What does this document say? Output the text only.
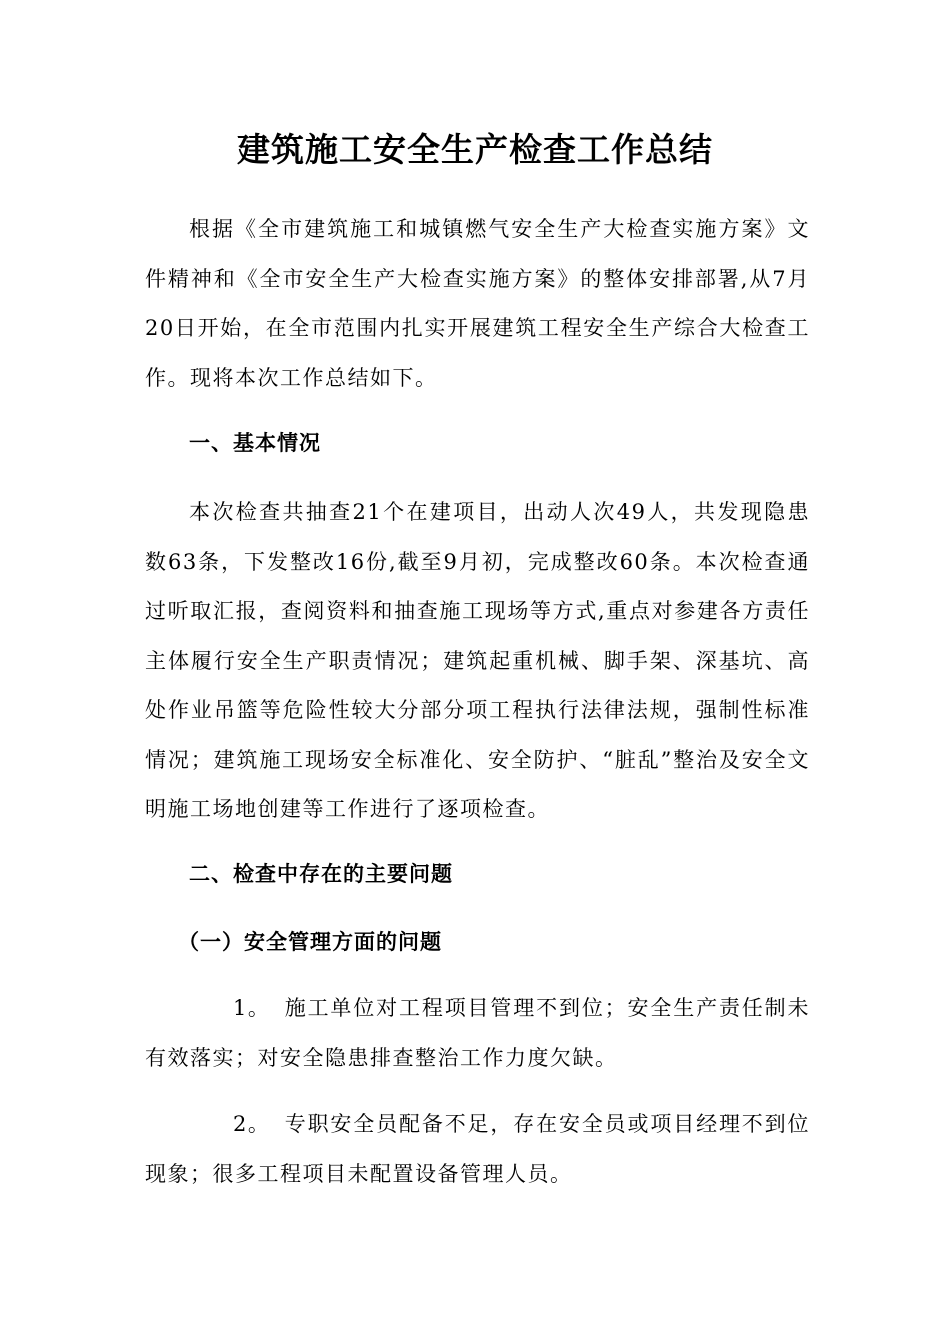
建筑施工安全生产检查工作总结

根据《全市建筑施工和城镇燃气安全生产大检查实施方案》文件精神和《全市安全生产大检查实施方案》的整体安排部署,从7月20日开始，在全市范围内扎实开展建筑工程安全生产综合大检查工作。现将本次工作总结如下。

一、基本情况

本次检查共抽查21个在建项目，出动人次49人，共发现隐患数63条，下发整改16份,截至9月初，完成整改60条。本次检查通过听取汇报，查阅资料和抽查施工现场等方式,重点对参建各方责任主体履行安全生产职责情况；建筑起重机械、脚手架、深基坑、高处作业吊篮等危险性较大分部分项工程执行法律法规，强制性标准情况；建筑施工现场安全标准化、安全防护、“脏乱”整治及安全文明施工场地创建等工作进行了逐项检查。

二、检查中存在的主要问题
（一）安全管理方面的问题

1。 施工单位对工程项目管理不到位；安全生产责任制未有效落实；对安全隐患排查整治工作力度欠缺。

2。 专职安全员配备不足，存在安全员或项目经理不到位现象；很多工程项目未配置设备管理人员。
